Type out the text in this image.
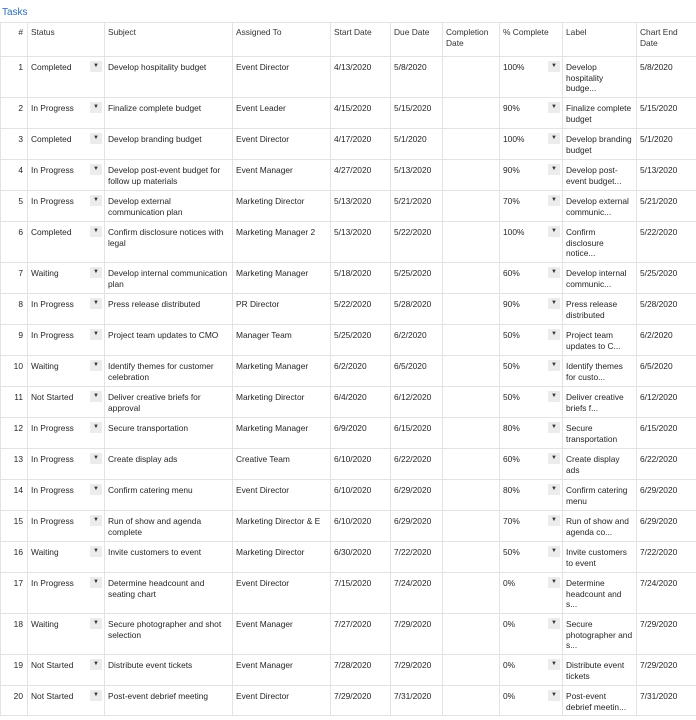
Tasks
#	Status	Subject	Assigned To	Start Date	Due Date	Completion Date	% Complete	Label	Chart End Date
1	Completed ▼	Develop hospitality budget	Event Director	4/13/2020	5/8/2020		100% ▼	Develop hospitality budge...	5/8/2020
2	In Progress ▼	Finalize complete budget	Event Leader	4/15/2020	5/15/2020		90% ▼	Finalize complete budget	5/15/2020
3	Completed ▼	Develop branding budget	Event Director	4/17/2020	5/1/2020		100% ▼	Develop branding budget	5/1/2020
4	In Progress ▼	Develop post-event budget for follow up materials	Event Manager	4/27/2020	5/13/2020		90% ▼	Develop post-event budget...	5/13/2020
5	In Progress ▼	Develop external communication plan	Marketing Director	5/13/2020	5/21/2020		70% ▼	Develop external communic...	5/21/2020
6	Completed ▼	Confirm disclosure notices with legal	Marketing Manager 2	5/13/2020	5/22/2020		100% ▼	Confirm disclosure notice...	5/22/2020
7	Waiting ▼	Develop internal communication plan	Marketing Manager	5/18/2020	5/25/2020		60% ▼	Develop internal communic...	5/25/2020
8	In Progress ▼	Press release distributed	PR Director	5/22/2020	5/28/2020		90% ▼	Press release distributed	5/28/2020
9	In Progress ▼	Project team updates to CMO	Manager Team	5/25/2020	6/2/2020		50% ▼	Project team updates to C...	6/2/2020
10	Waiting ▼	Identify themes for customer celebration	Marketing Manager	6/2/2020	6/5/2020		50% ▼	Identify themes for custo...	6/5/2020
11	Not Started ▼	Deliver creative briefs for approval	Marketing Director	6/4/2020	6/12/2020		50% ▼	Deliver creative briefs f...	6/12/2020
12	In Progress ▼	Secure transportation	Marketing Manager	6/9/2020	6/15/2020		80% ▼	Secure transportation	6/15/2020
13	In Progress ▼	Create display ads	Creative Team	6/10/2020	6/22/2020		60% ▼	Create display ads	6/22/2020
14	In Progress ▼	Confirm catering menu	Event Director	6/10/2020	6/29/2020		80% ▼	Confirm catering menu	6/29/2020
15	In Progress ▼	Run of show and agenda complete	Marketing Director & E	6/10/2020	6/29/2020		70% ▼	Run of show and agenda co...	6/29/2020
16	Waiting ▼	Invite customers to event	Marketing Director	6/30/2020	7/22/2020		50% ▼	Invite customers to event	7/22/2020
17	In Progress ▼	Determine headcount and seating chart	Event Director	7/15/2020	7/24/2020		0% ▼	Determine headcount and s...	7/24/2020
18	Waiting ▼	Secure photographer and shot selection	Event Manager	7/27/2020	7/29/2020		0% ▼	Secure photographer and s...	7/29/2020
19	Not Started ▼	Distribute event tickets	Event Manager	7/28/2020	7/29/2020		0% ▼	Distribute event tickets	7/29/2020
20	Not Started ▼	Post-event debrief meeting	Event Director	7/29/2020	7/31/2020		0% ▼	Post-event debrief meetin...	7/31/2020
